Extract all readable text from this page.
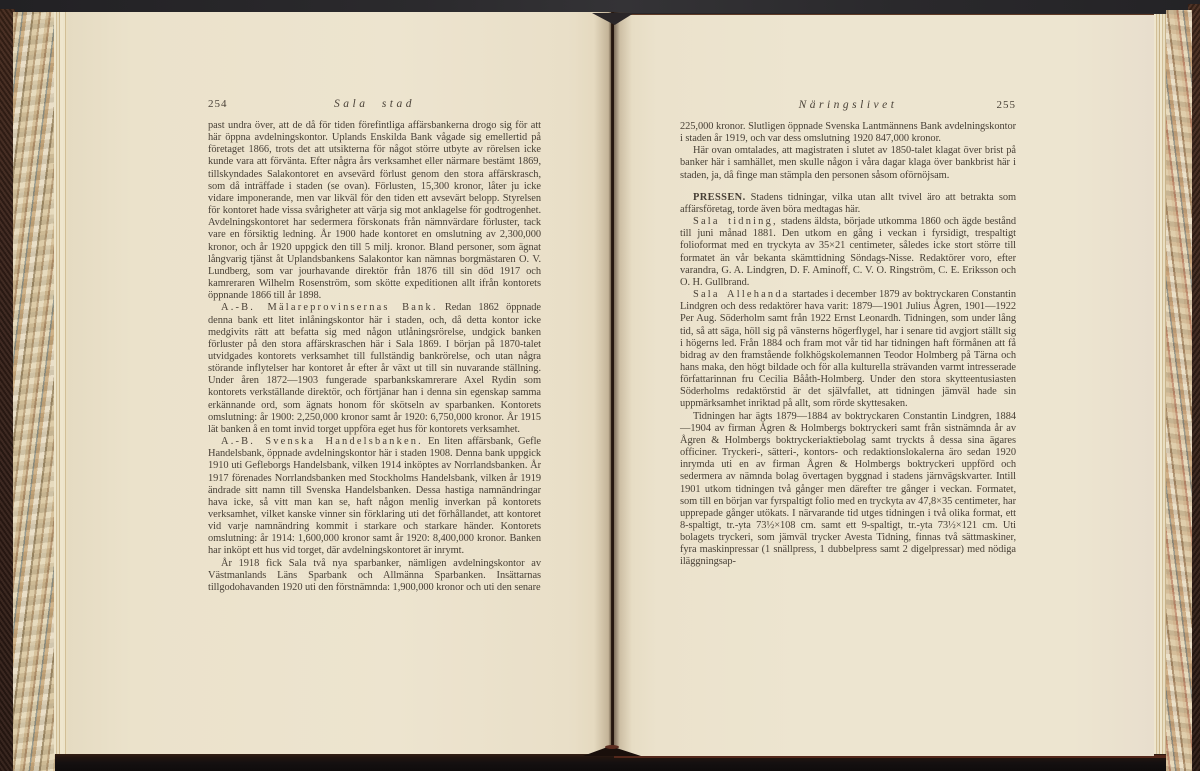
254	Sala stad

past undra över, att de då för tiden förefintliga affärsbankerna drogo sig för att här öppna avdelningskontor. Uplands Enskilda Bank vågade sig emellertid på företaget 1866, trots det att utsikterna för något större utbyte av rörelsen icke kunde vara att förvänta. Efter några års verksamhet eller närmare bestämt 1869, tillskyndades Salakontoret en avsevärd förlust genom den stora affärskrasch, som då inträffade i staden (se ovan). Förlusten, 15,300 kronor, låter ju icke vidare imponerande, men var likväl för den tiden ett avsevärt belopp. Styrelsen för kontoret hade vissa svårigheter att värja sig mot anklagelse för godtrogenhet. Avdelningskontoret har sedermera förskonats från nämnvärdare förluster, tack vare en försiktig ledning. År 1900 hade kontoret en omslutning av 2,300,000 kronor, och år 1920 uppgick den till 5 milj. kronor. Bland personer, som ägnat långvarig tjänst åt Uplandsbankens Salakontor kan nämnas borgmästaren O. V. Lundberg, som var jourhavande direktör från 1876 till sin död 1917 och kamreraren Wilhelm Rosenström, som skötte expeditionen allt ifrån kontorets öppnande 1866 till år 1898.

A.-B. Mälareprovinsernas Bank. Redan 1862 öppnade denna bank ett litet inlåningskontor här i staden, och, då detta kontor icke medgivits rätt att befatta sig med någon utlåningsrörelse, undgick banken förluster på den stora affärskraschen här i Sala 1869. I början på 1870-talet utvidgades kontorets verksamhet till fullständig bankrörelse, och utan några störande inflytelser har kontoret år efter år växt ut till sin nuvarande ställning. Under åren 1872—1903 fungerade sparbankskamrerare Axel Rydin som kontorets verkställande direktör, och förtjänar han i denna sin egenskap samma erkännande ord, som ägnats honom för skötseln av sparbanken. Kontorets omslutning: år 1900: 2,250,000 kronor samt år 1920: 6,750,000 kronor. År 1915 lät banken å en tomt invid torget uppföra eget hus för kontorets verksamhet.

A.-B. Svenska Handelsbanken. En liten affärsbank, Gefle Handelsbank, öppnade avdelningskontor här i staden 1908. Denna bank uppgick 1910 uti Gefleborgs Handelsbank, vilken 1914 inköptes av Norrlandsbanken. År 1917 förenades Norrlandsbanken med Stockholms Handelsbank, vilken år 1919 ändrade sitt namn till Svenska Handelsbanken. Dessa hastiga namnändringar hava icke, så vitt man kan se, haft någon menlig inverkan på kontorets verksamhet, vilket kanske vinner sin förklaring uti det förhållandet, att kontoret vid varje namnändring kommit i starkare och starkare händer. Kontorets omslutning: år 1914: 1,600,000 kronor samt år 1920: 8,400,000 kronor. Banken har inköpt ett hus vid torget, där avdelningskontoret är inrymt.

År 1918 fick Sala två nya sparbanker, nämligen avdelningskontor av Västmanlands Läns Sparbank och Allmänna Sparbanken. Insättarnas tillgodohavanden 1920 uti den förstnämnda: 1,900,000 kronor och uti den senare

Näringslivet	255

225,000 kronor. Slutligen öppnade Svenska Lantmännens Bank avdelningskontor i staden år 1919, och var dess omslutning 1920 847,000 kronor.

Här ovan omtalades, att magistraten i slutet av 1850-talet klagat över brist på banker här i samhället, men skulle någon i våra dagar klaga över bankbrist här i staden, ja, då finge man stämpla den personen såsom oförnöjsam.

PRESSEN. Stadens tidningar, vilka utan allt tvivel äro att betrakta som affärsföretag, torde även böra medtagas här.

Sala tidning, stadens äldsta, började utkomma 1860 och ägde bestånd till juni månad 1881. Den utkom en gång i veckan i fyrsidigt, trespaltigt folioformat med en tryckyta av 35×21 centimeter, således icke stort större till formatet än vår bekanta skämttidning Söndags-Nisse. Redaktörer voro, efter varandra, G. A. Lindgren, D. F. Aminoff, C. V. O. Ringström, C. E. Eriksson och O. H. Gullbrand.

Sala Allehanda startades i december 1879 av boktryckaren Constantin Lindgren och dess redaktörer hava varit: 1879—1901 Julius Ågren, 1901—1922 Per Aug. Söderholm samt från 1922 Ernst Leonardh. Tidningen, som under lång tid, så att säga, höll sig på vänsterns högerflygel, har i senare tid avgjort ställt sig i högerns led. Från 1884 och fram mot vår tid har tidningen haft förmånen att få bidrag av den framstående folkhögskolemannen Teodor Holmberg på Tärna och hans maka, den högt bildade och för alla kulturella strävanden varmt intresserade författarinnan fru Cecilia Bååth-Holmberg. Under den stora skytteentusiasten Söderholms redaktörstid är det självfallet, att tidningen jämväl hade sin uppmärksamhet inriktad på allt, som rörde skyttesaken.

Tidningen har ägts 1879—1884 av boktryckaren Constantin Lindgren, 1884—1904 av firman Ågren & Holmbergs boktryckeri samt från sistnämnda år av Ågren & Holmbergs boktryckeriaktiebolag samt tryckts å dessa sina ägares officiner. Tryckeri-, sätteri-, kontors- och redaktionslokalerna äro sedan 1920 inrymda uti en av firman Ågren & Holmbergs boktryckeri uppförd och sedermera av nämnda bolag övertagen byggnad i stadens järnvägskvarter. Intill 1901 utkom tidningen två gånger men därefter tre gånger i veckan. Formatet, som till en början var fyrspaltigt folio med en tryckyta av 47,8×35 centimeter, har upprepade gånger utökats. I närvarande tid utges tidningen i två olika format, ett 8-spaltigt, tr.-yta 73½×108 cm. samt ett 9-spaltigt, tr.-yta 73½×121 cm. Uti bolagets tryckeri, som jämväl trycker Avesta Tidning, finnas två sättmaskiner, fyra maskinpressar (1 snällpress, 1 dubbelpress samt 2 digelpressar) med nödiga iläggningsap-
